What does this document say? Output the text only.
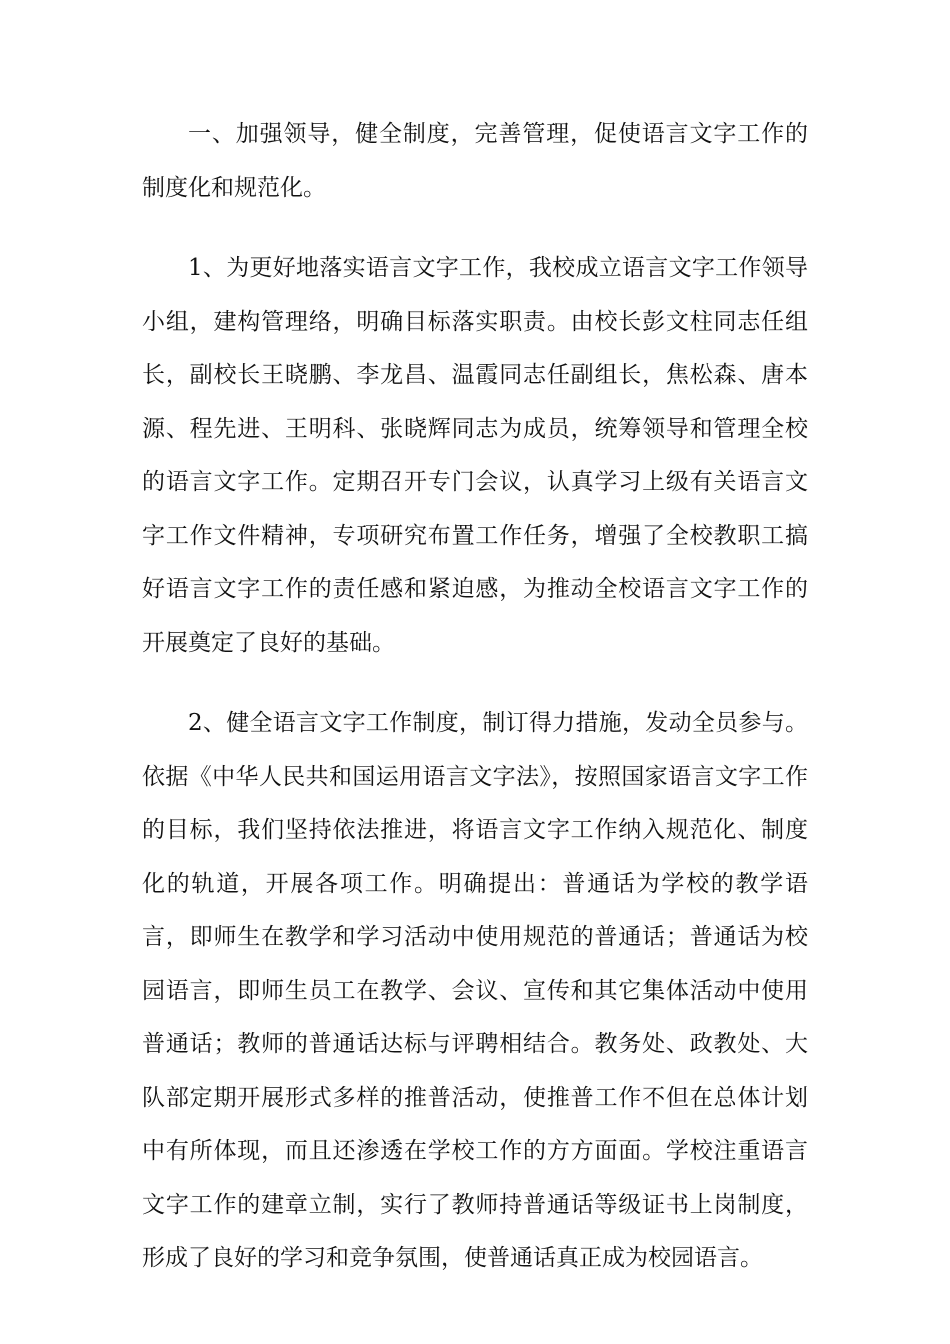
一、加强领导，健全制度，完善管理，促使语言文字工作的制度化和规范化。

1、为更好地落实语言文字工作，我校成立语言文字工作领导小组，建构管理络，明确目标落实职责。由校长彭文柱同志任组长，副校长王晓鹏、李龙昌、温霞同志任副组长，焦松森、唐本源、程先进、王明科、张晓辉同志为成员，统筹领导和管理全校的语言文字工作。定期召开专门会议，认真学习上级有关语言文字工作文件精神，专项研究布置工作任务，增强了全校教职工搞好语言文字工作的责任感和紧迫感，为推动全校语言文字工作的开展奠定了良好的基础。

2、健全语言文字工作制度，制订得力措施，发动全员参与。依据《中华人民共和国运用语言文字法》，按照国家语言文字工作的目标，我们坚持依法推进，将语言文字工作纳入规范化、制度化的轨道，开展各项工作。明确提出：普通话为学校的教学语言，即师生在教学和学习活动中使用规范的普通话；普通话为校园语言，即师生员工在教学、会议、宣传和其它集体活动中使用普通话；教师的普通话达标与评聘相结合。教务处、政教处、大队部定期开展形式多样的推普活动，使推普工作不但在总体计划中有所体现，而且还渗透在学校工作的方方面面。学校注重语言文字工作的建章立制，实行了教师持普通话等级证书上岗制度，形成了良好的学习和竞争氛围，使普通话真正成为校园语言。
